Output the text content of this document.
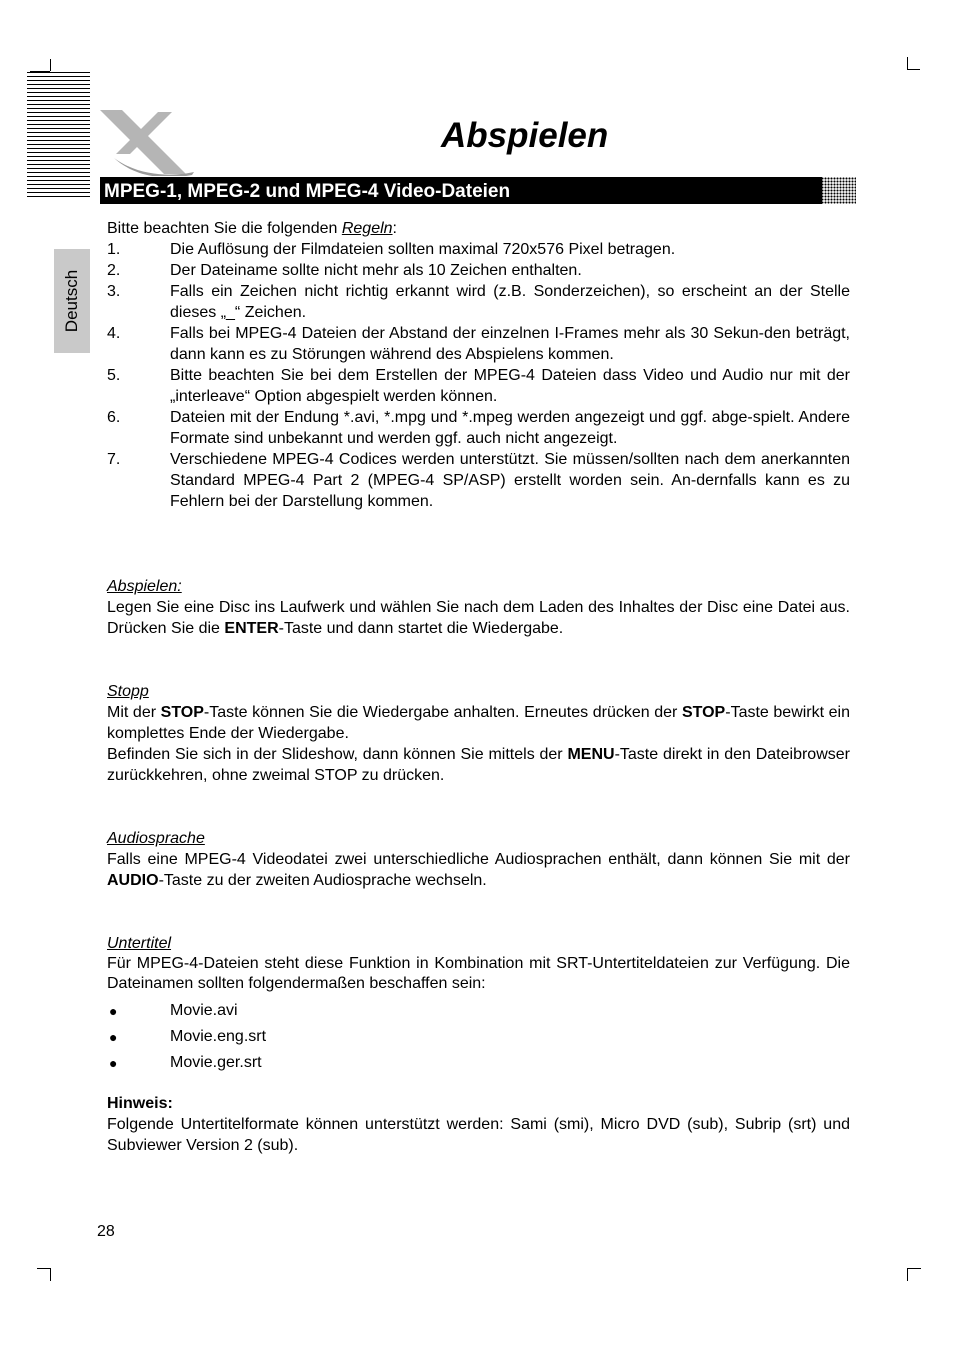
Abspielen
MPEG-1, MPEG-2 und MPEG-4 Video-Dateien
Deutsch

Bitte beachten Sie die folgenden Regeln:

1.	Die Auflösung der Filmdateien sollten maximal 720x576 Pixel betragen.
2.	Der Dateiname sollte nicht mehr als 10 Zeichen enthalten.
3.	Falls ein Zeichen nicht richtig erkannt wird (z.B. Sonderzeichen), so erscheint an der Stelle dieses „_“ Zeichen.
4.	Falls bei MPEG-4 Dateien der Abstand der einzelnen I-Frames mehr als 30 Sekun-den beträgt, dann kann es zu Störungen während des Abspielens kommen.
5.	Bitte beachten Sie bei dem Erstellen der MPEG-4 Dateien dass Video und Audio nur mit der „interleave“ Option abgespielt werden können.
6.	Dateien mit der Endung *.avi, *.mpg und *.mpeg werden angezeigt und ggf. abge-spielt. Andere Formate sind unbekannt und werden ggf. auch nicht angezeigt.
7.	Verschiedene MPEG-4 Codices werden unterstützt. Sie müssen/sollten nach dem anerkannten Standard MPEG-4 Part 2 (MPEG-4 SP/ASP) erstellt worden sein. An-dernfalls kann es zu Fehlern bei der Darstellung kommen.

Abspielen:

Legen Sie eine Disc ins Laufwerk und wählen Sie nach dem Laden des Inhaltes der Disc eine Datei aus. Drücken Sie die ENTER-Taste und dann startet die Wiedergabe.

Stopp

Mit der STOP-Taste können Sie die Wiedergabe anhalten. Erneutes drücken der STOP-Taste bewirkt ein komplettes Ende der Wiedergabe.

Befinden Sie sich in der Slideshow, dann können Sie mittels der MENU-Taste direkt in den Dateibrowser zurückkehren, ohne zweimal STOP zu drücken.

Audiosprache

Falls eine MPEG-4 Videodatei zwei unterschiedliche Audiosprachen enthält, dann können Sie mit der AUDIO-Taste zu der zweiten Audiosprache wechseln.

Untertitel

Für MPEG-4-Dateien steht diese Funktion in Kombination mit SRT-Untertiteldateien zur Verfügung. Die Dateinamen sollten folgendermaßen beschaffen sein:

●	Movie.avi
●	Movie.eng.srt
●	Movie.ger.srt

Hinweis:

Folgende Untertitelformate können unterstützt werden: Sami (smi), Micro DVD (sub), Subrip (srt) und Subviewer Version 2 (sub).

28
